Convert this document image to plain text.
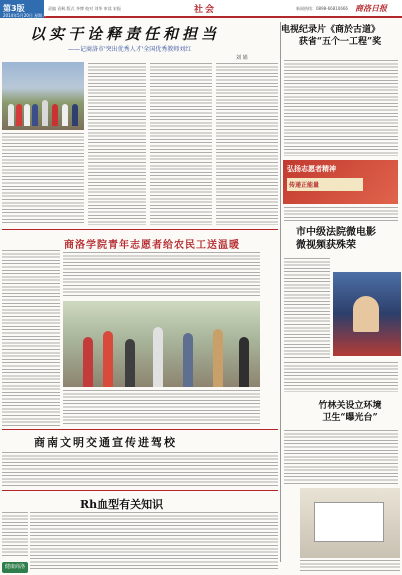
第3版
2014年5月20日 星期二
责编 袁枫 版式 齐博 校对 刘华 审读 宋振	社会	新闻热线：0898-66810666 商洛日报
以实干诠释责任和担当
——记商洛市'突出优秀人才'全国优秀教师刘红
刘 娟
电视纪录片《商於古道》
获省“五个一工程”奖
弘扬志愿者精神
传递正能量
市中级法院微电影
微视频获殊荣
竹林关设立环境
卫生“曝光台”
商洛学院青年志愿者给农民工送温暖
商南文明交通宣传进驾校
Rh血型有关知识
健康商洛
